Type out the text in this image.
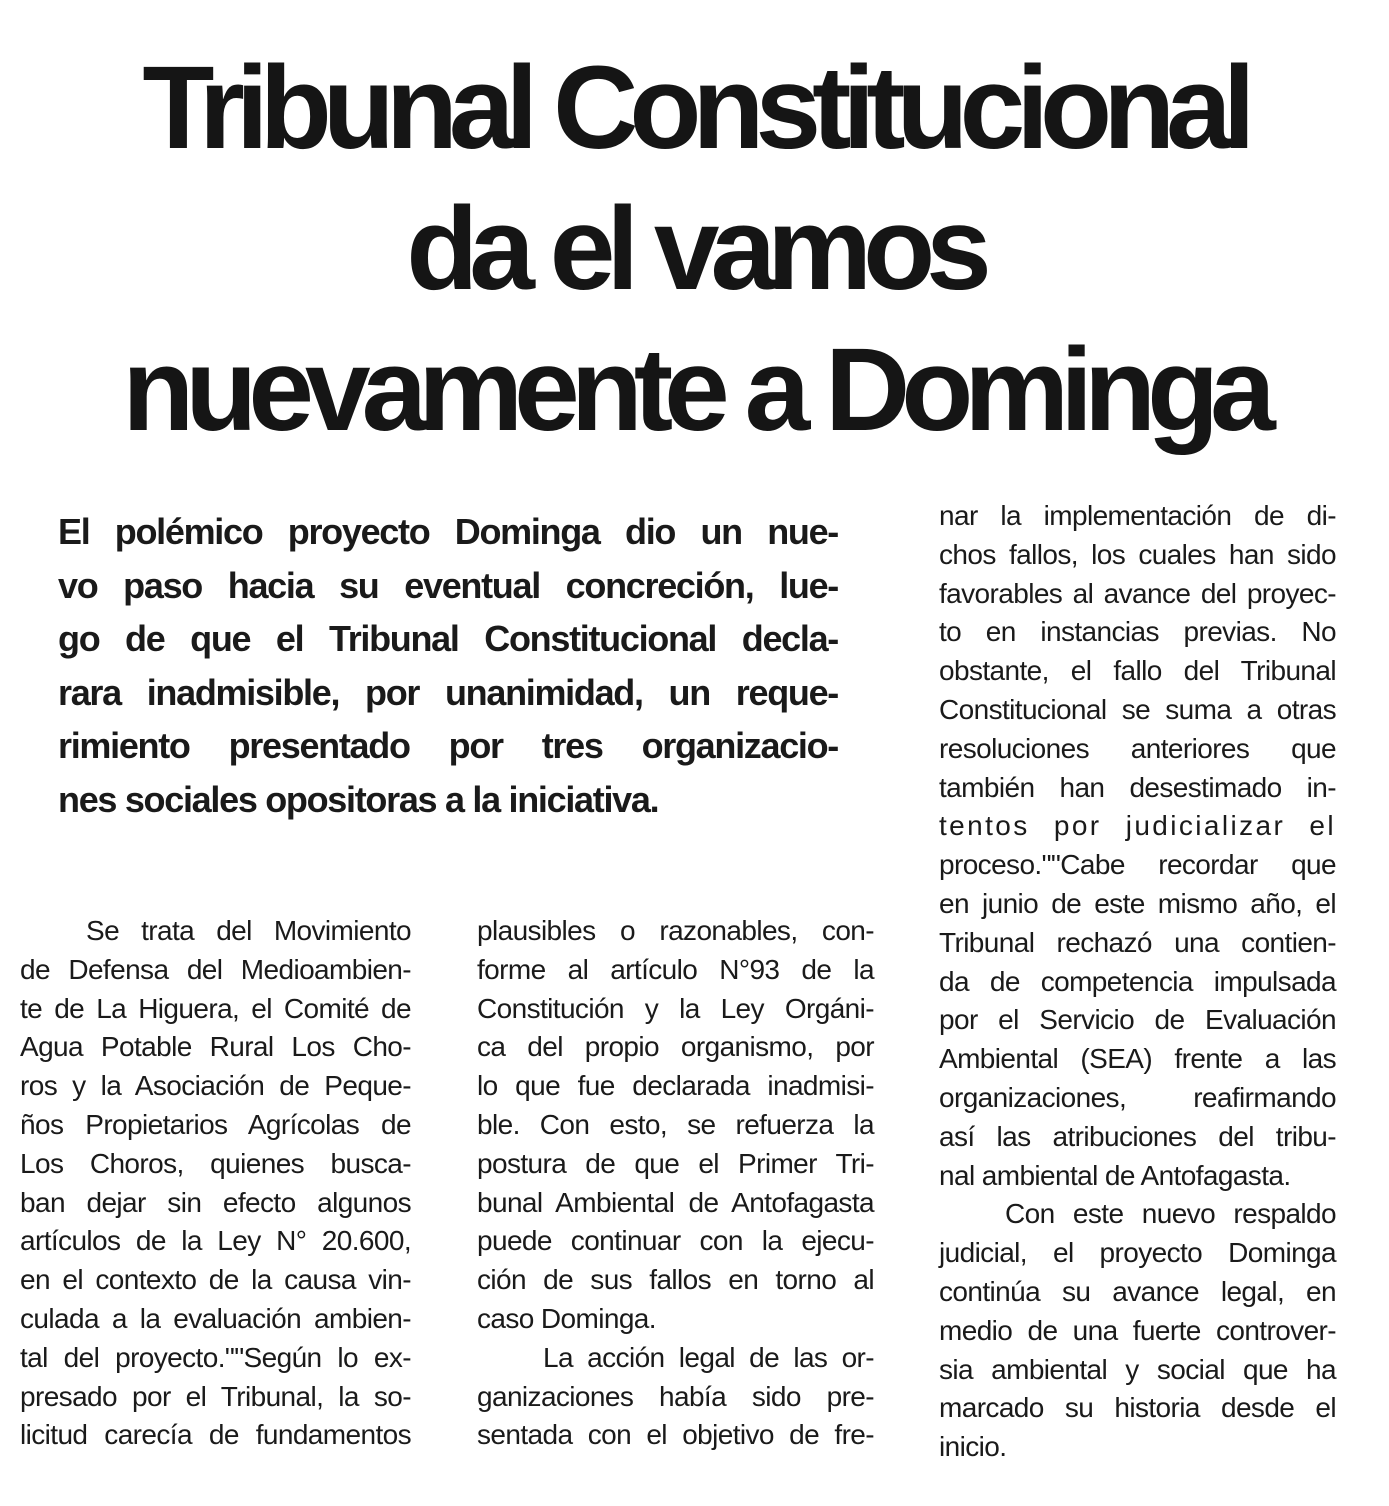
Tribunal Constitucional
da el vamos
nuevamente a Dominga
El polémico proyecto Dominga dio un nue-
vo paso hacia su eventual concreción, lue-
go de que el Tribunal Constitucional decla-
rara inadmisible, por unanimidad, un reque-
rimiento presentado por tres organizacio-
nes sociales opositoras a la iniciativa.
Se trata del Movimiento
de Defensa del Medioambien-
te de La Higuera, el Comité de
Agua Potable Rural Los Cho-
ros y la Asociación de Peque-
ños Propietarios Agrícolas de
Los Choros, quienes busca-
ban dejar sin efecto algunos
artículos de la Ley N° 20.600,
en el contexto de la causa vin-
culada a la evaluación ambien-
tal del proyecto.""Según lo ex-
presado por el Tribunal, la so-
licitud carecía de fundamentos
plausibles o razonables, con-
forme al artículo N°93 de la
Constitución y la Ley Orgáni-
ca del propio organismo, por
lo que fue declarada inadmisi-
ble. Con esto, se refuerza la
postura de que el Primer Tri-
bunal Ambiental de Antofagasta
puede continuar con la ejecu-
ción de sus fallos en torno al
caso Dominga.
La acción legal de las or-
ganizaciones había sido pre-
sentada con el objetivo de fre-
nar la implementación de di-
chos fallos, los cuales han sido
favorables al avance del proyec-
to en instancias previas. No
obstante, el fallo del Tribunal
Constitucional se suma a otras
resoluciones anteriores que
también han desestimado in-
tentos por judicializar el
proceso.""Cabe recordar que
en junio de este mismo año, el
Tribunal rechazó una contien-
da de competencia impulsada
por el Servicio de Evaluación
Ambiental (SEA) frente a las
organizaciones, reafirmando
así las atribuciones del tribu-
nal ambiental de Antofagasta.
Con este nuevo respaldo
judicial, el proyecto Dominga
continúa su avance legal, en
medio de una fuerte controver-
sia ambiental y social que ha
marcado su historia desde el
inicio.
